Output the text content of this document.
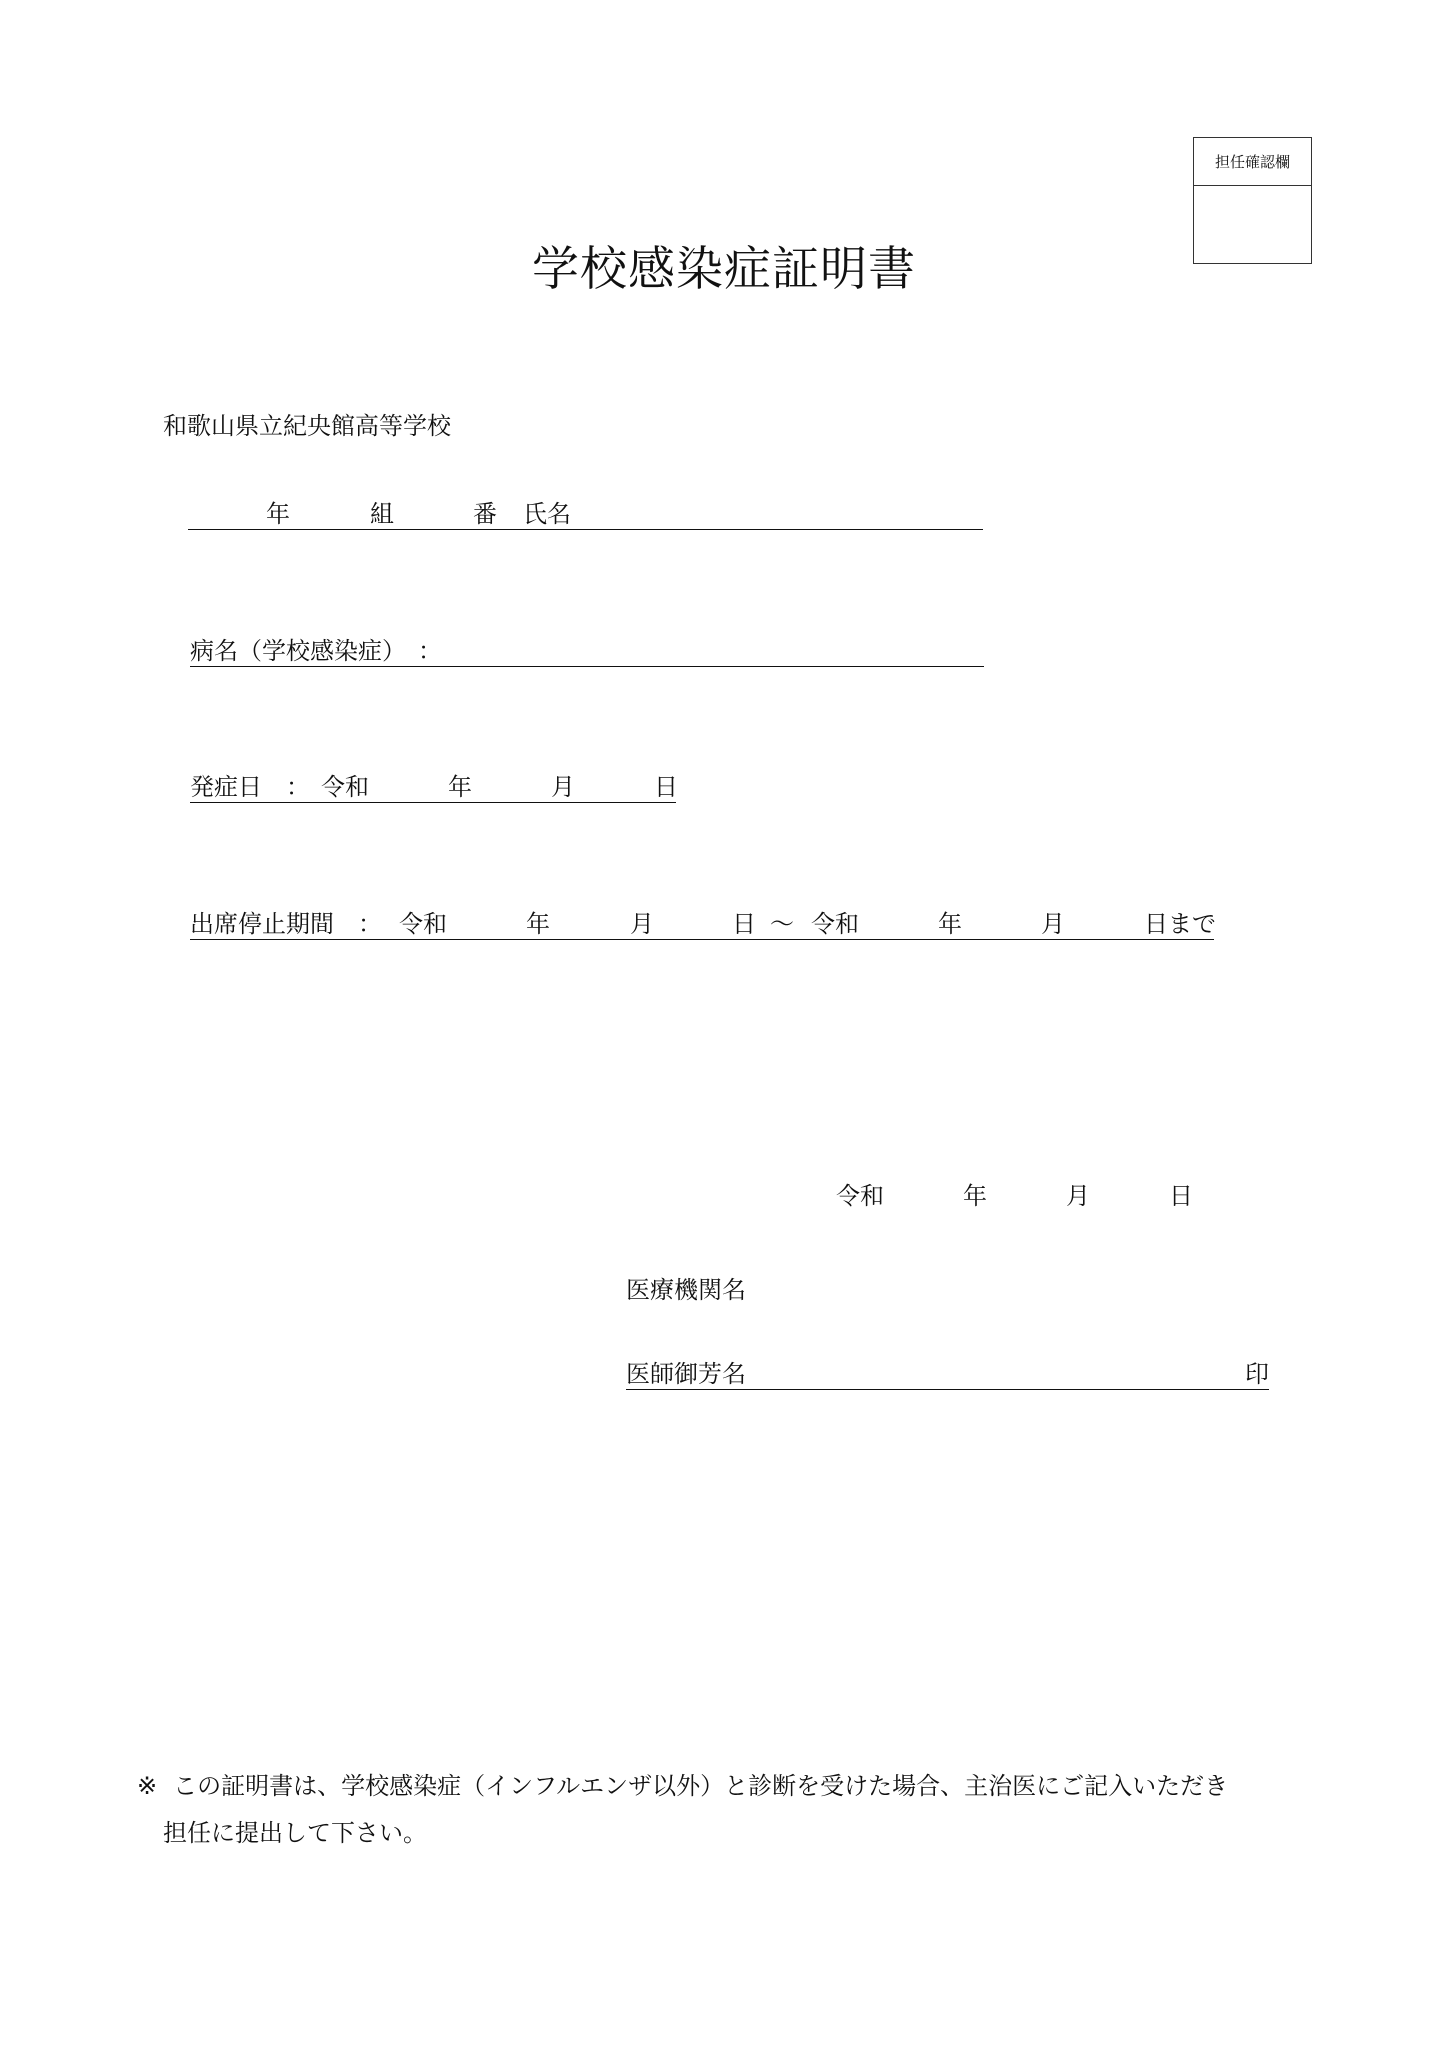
担任確認欄
学校感染症証明書
和歌山県立紀央館高等学校
年	組	番 氏名
病名（学校感染症）　：
発症日　： 令和	年	月	日
出席停止期間　： 令和	年	月	日 ～ 令和	年	月	日まで
令和	年	月	日
医療機関名
医師御芳名	印
※ この証明書は、学校感染症（インフルエンザ以外）と診断を受けた場合、主治医にご記入いただき
担任に提出して下さい。
